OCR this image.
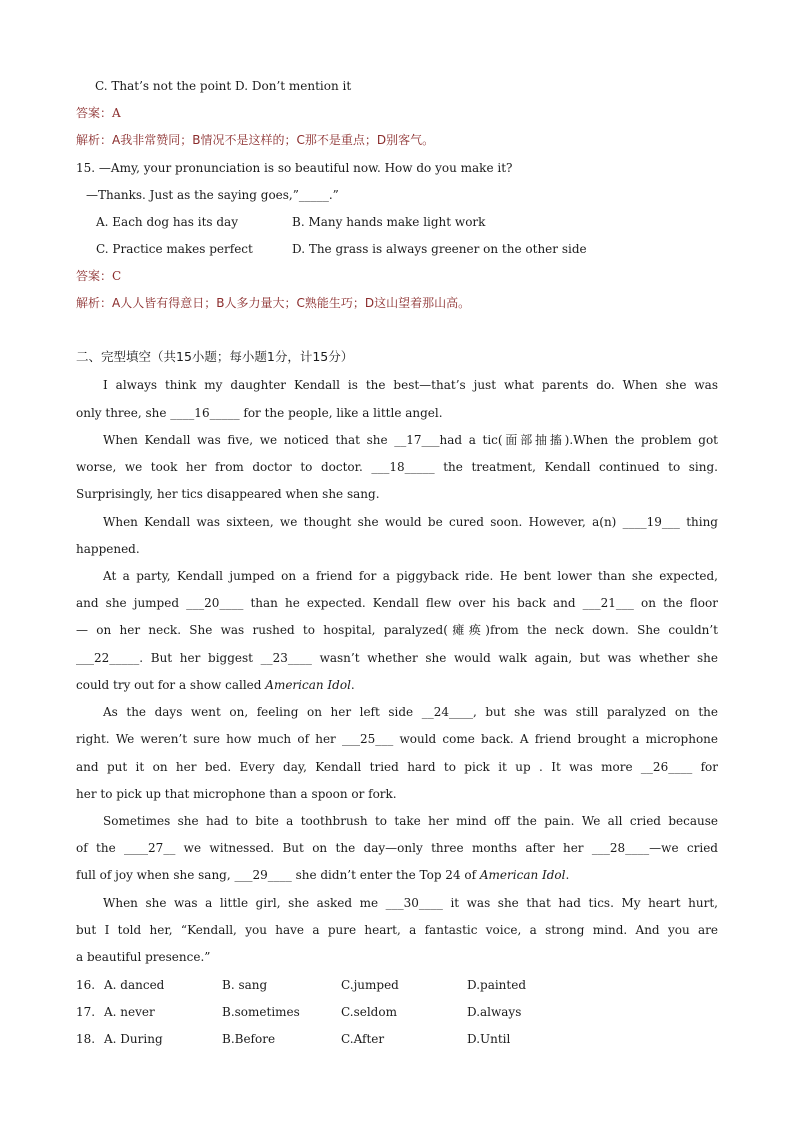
C. That’s not the point D. Don’t mention it
答案：A
解析：A我非常赞同；B情况不是这样的；C那不是重点；D别客气。
15. —Amy, your pronunciation is so beautiful now. How do you make it?
—Thanks. Just as the saying goes,”_____.”
A. Each dog has its day	B. Many hands make light work
C. Practice makes perfect	D. The grass is always greener on the other side
答案：C
解析：A人人皆有得意日；B人多力量大；C熟能生巧；D这山望着那山高。
二、完型填空（共15小题；每小题1分，计15分）
I always think my daughter Kendall is the best—that’s just what parents do. When she was
only three, she ____16_____ for the people, like a little angel.
When Kendall was five, we noticed that she __17___had a tic(面部抽搐).When the problem got
worse, we took her from doctor to doctor. ___18_____ the treatment, Kendall continued to sing.
Surprisingly, her tics disappeared when she sang.
When Kendall was sixteen, we thought she would be cured soon. However, a(n) ____19___ thing
happened.
At a party, Kendall jumped on a friend for a piggyback ride. He bent lower than she expected,
and she jumped ___20____ than he expected. Kendall flew over his back and ___21___ on the floor
— on her neck. She was rushed to hospital, paralyzed(瘫痪)from the neck down. She couldn’t
___22_____. But her biggest __23____ wasn’t whether she would walk again, but was whether she
could try out for a show called American Idol.
As the days went on, feeling on her left side __24____, but she was still paralyzed on the
right. We weren’t sure how much of her ___25___ would come back. A friend brought a microphone
and put it on her bed. Every day, Kendall tried hard to pick it up . It was more __26____ for
her to pick up that microphone than a spoon or fork.
Sometimes she had to bite a toothbrush to take her mind off the pain. We all cried because
of the ____27__ we witnessed. But on the day—only three months after her ___28____—we cried
full of joy when she sang, ___29____ she didn’t enter the Top 24 of American Idol.
When she was a little girl, she asked me ___30____ it was she that had tics. My heart hurt,
but I told her, “Kendall, you have a pure heart, a fantastic voice, a strong mind. And you are
a beautiful presence.”
16. A. danced	B. sang	C.jumped	D.painted
17. A. never	B.sometimes	C.seldom	D.always
18. A. During	B.Before	C.After	D.Until
